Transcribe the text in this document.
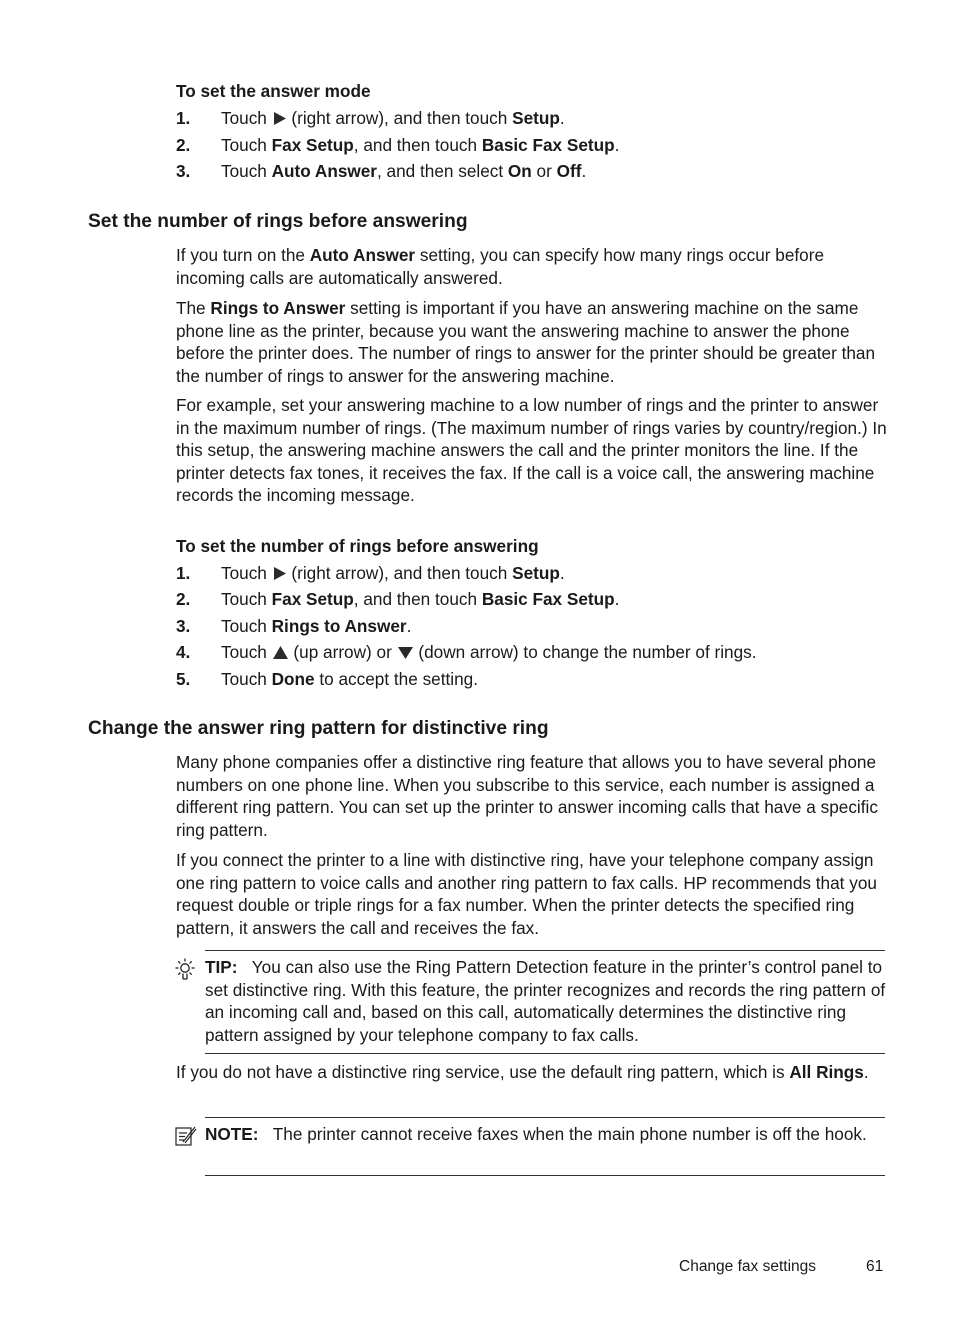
To set the answer mode
1. Touch  (right arrow), and then touch Setup.
2. Touch Fax Setup, and then touch Basic Fax Setup.
3. Touch Auto Answer, and then select On or Off.
Set the number of rings before answering

If you turn on the Auto Answer setting, you can specify how many rings occur before incoming calls are automatically answered.

The Rings to Answer setting is important if you have an answering machine on the same phone line as the printer, because you want the answering machine to answer the phone before the printer does. The number of rings to answer for the printer should be greater than the number of rings to answer for the answering machine.

For example, set your answering machine to a low number of rings and the printer to answer in the maximum number of rings. (The maximum number of rings varies by country/region.) In this setup, the answering machine answers the call and the printer monitors the line. If the printer detects fax tones, it receives the fax. If the call is a voice call, the answering machine records the incoming message.

To set the number of rings before answering
1. Touch  (right arrow), and then touch Setup.
2. Touch Fax Setup, and then touch Basic Fax Setup.
3. Touch Rings to Answer.
4. Touch  (up arrow) or  (down arrow) to change the number of rings.
5. Touch Done to accept the setting.
Change the answer ring pattern for distinctive ring

Many phone companies offer a distinctive ring feature that allows you to have several phone numbers on one phone line. When you subscribe to this service, each number is assigned a different ring pattern. You can set up the printer to answer incoming calls that have a specific ring pattern.

If you connect the printer to a line with distinctive ring, have your telephone company assign one ring pattern to voice calls and another ring pattern to fax calls. HP recommends that you request double or triple rings for a fax number. When the printer detects the specified ring pattern, it answers the call and receives the fax.

TIP: You can also use the Ring Pattern Detection feature in the printer’s control panel to set distinctive ring. With this feature, the printer recognizes and records the ring pattern of an incoming call and, based on this call, automatically determines the distinctive ring pattern assigned by your telephone company to fax calls.

If you do not have a distinctive ring service, use the default ring pattern, which is All Rings.

NOTE: The printer cannot receive faxes when the main phone number is off the hook.

Change fax settings	61
